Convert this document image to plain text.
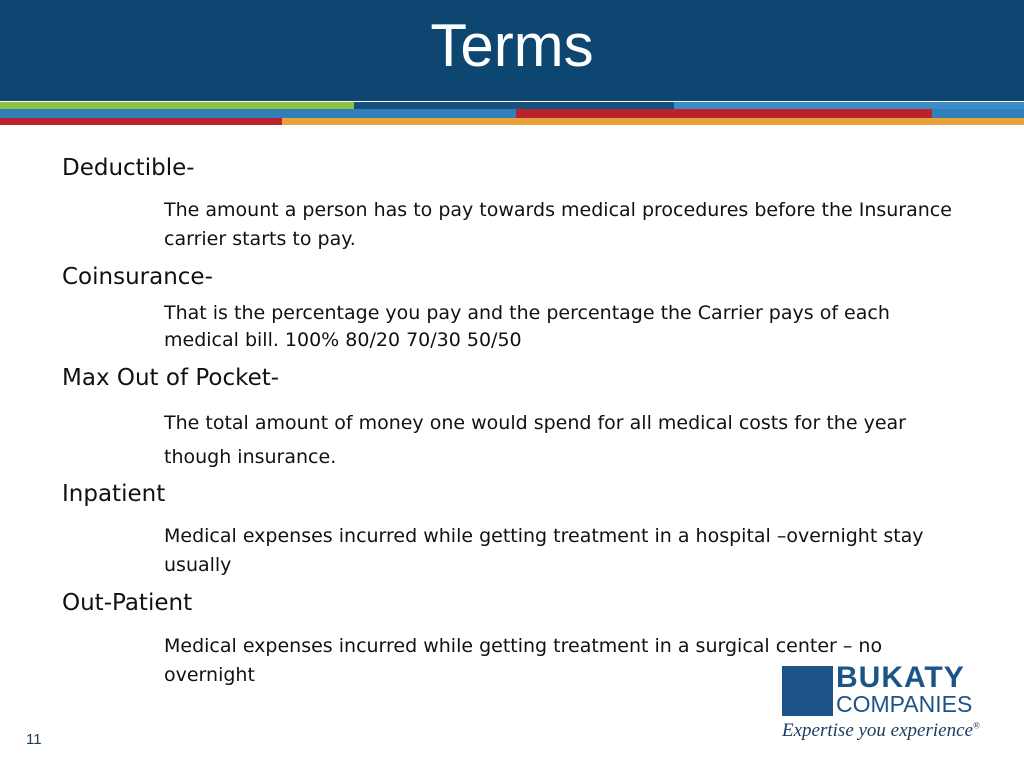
Terms
Deductible-
The amount a person has to pay towards medical procedures before the Insurance carrier starts to pay.
Coinsurance-
That is the percentage you pay and the percentage the Carrier pays of each medical bill. 100% 80/20 70/30 50/50
Max Out of Pocket-
The total amount of money one would spend for all medical costs for the year though insurance.
Inpatient
Medical expenses incurred while getting treatment in a hospital –overnight stay usually
Out-Patient
Medical expenses incurred while getting treatment in a surgical center – no overnight
11
BUKATY
COMPANIES
Expertise you experience®
